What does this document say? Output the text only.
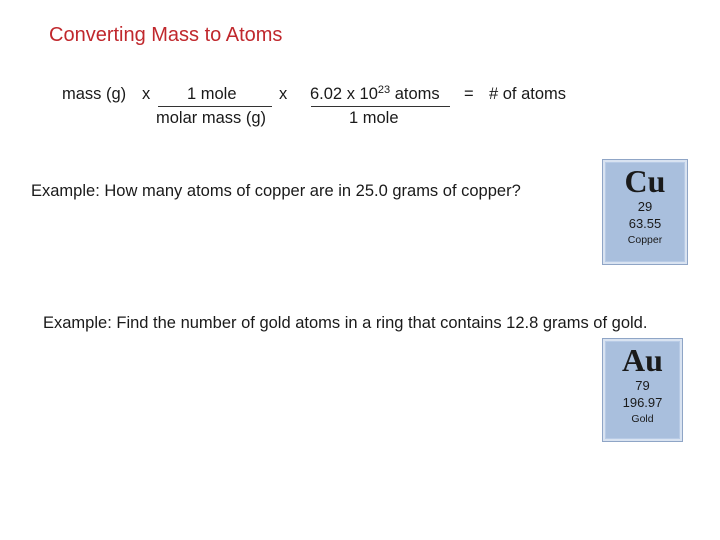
Converting Mass to Atoms
mass (g) x 1 mole
molar mass (g)
x 6.02 x $10^{23}$ atoms
1 mole
= # of atoms
Example: How many atoms of copper are in 25.0 grams of copper?	Cu
29
63.55
Copper
Example: Find the number of gold atoms in a ring that contains 12.8 grams of gold.
Au
79
196.97
Gold
